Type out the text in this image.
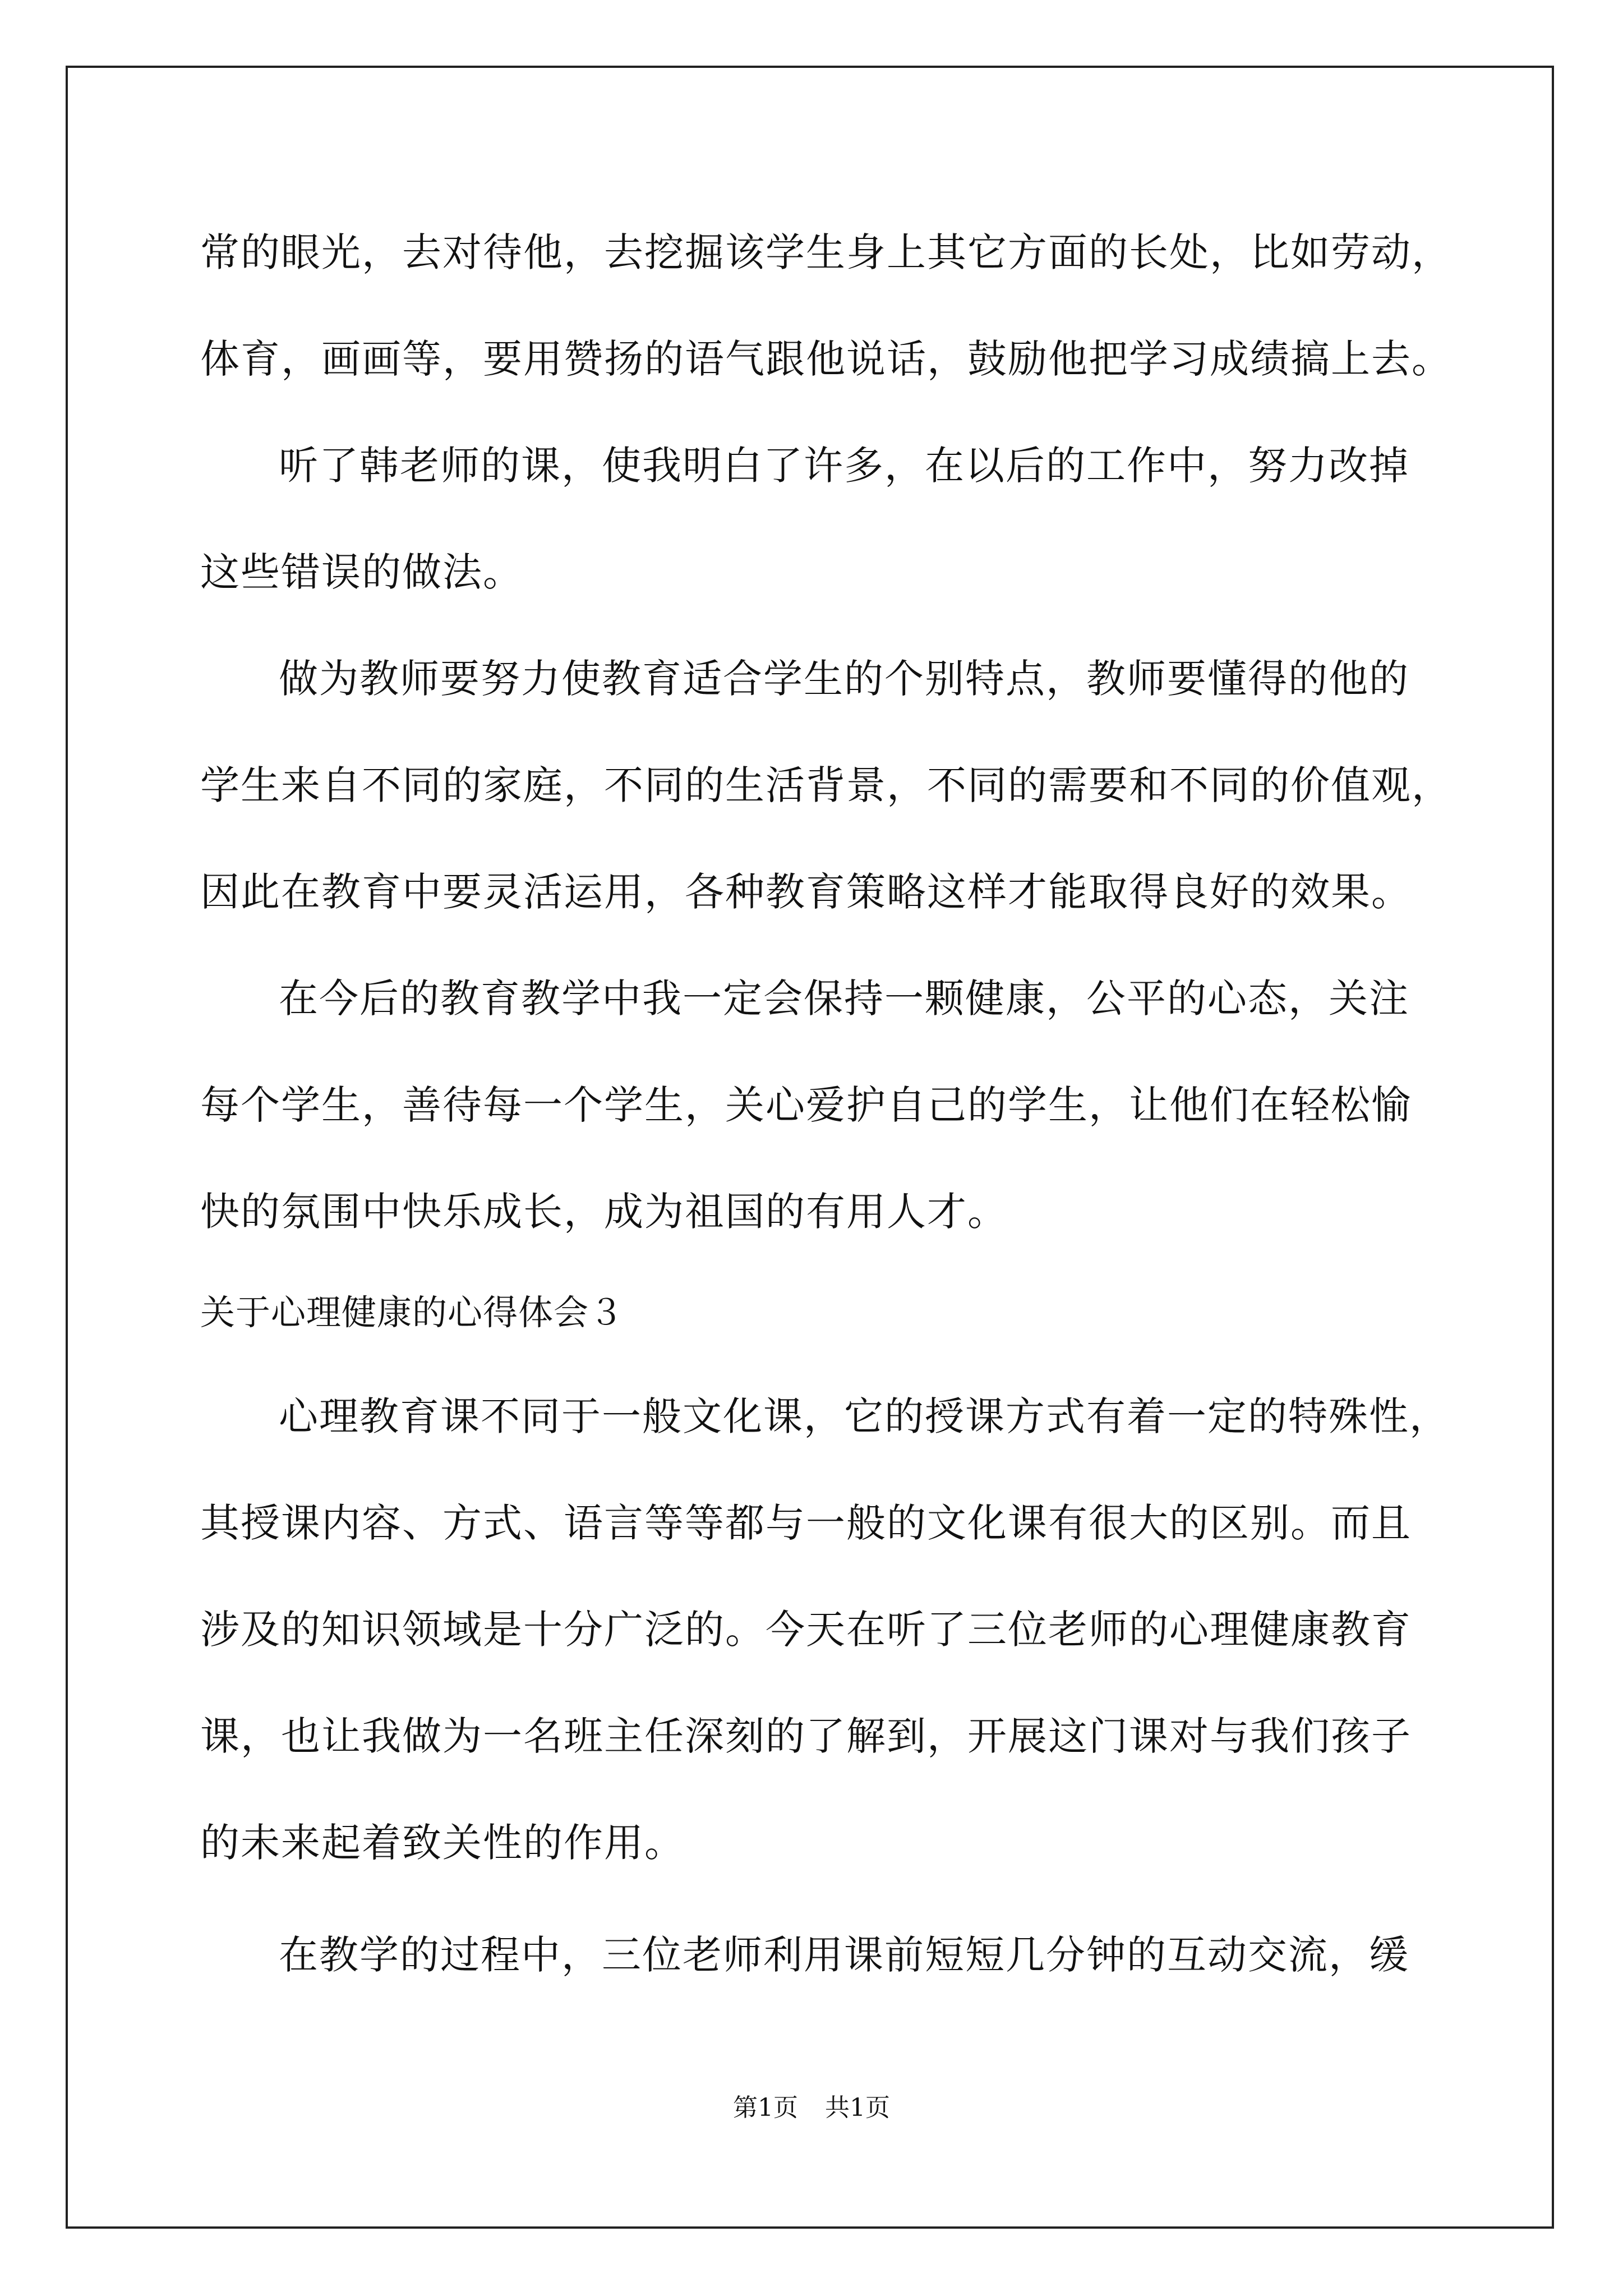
常的眼光，去对待他，去挖掘该学生身上其它方面的长处，比如劳动，
体育，画画等，要用赞扬的语气跟他说话，鼓励他把学习成绩搞上去。
听了韩老师的课，使我明白了许多，在以后的工作中，努力改掉
这些错误的做法。
做为教师要努力使教育适合学生的个别特点，教师要懂得的他的
学生来自不同的家庭，不同的生活背景，不同的需要和不同的价值观，
因此在教育中要灵活运用，各种教育策略这样才能取得良好的效果。
在今后的教育教学中我一定会保持一颗健康，公平的心态，关注
每个学生，善待每一个学生，关心爱护自己的学生，让他们在轻松愉
快的氛围中快乐成长，成为祖国的有用人才。
关于心理健康的心得体会３
心理教育课不同于一般文化课，它的授课方式有着一定的特殊性，
其授课内容、方式、语言等等都与一般的文化课有很大的区别。而且
涉及的知识领域是十分广泛的。今天在听了三位老师的心理健康教育
课，也让我做为一名班主任深刻的了解到，开展这门课对与我们孩子
的未来起着致关性的作用。
在教学的过程中，三位老师利用课前短短几分钟的互动交流，缓
第1页 共1页
